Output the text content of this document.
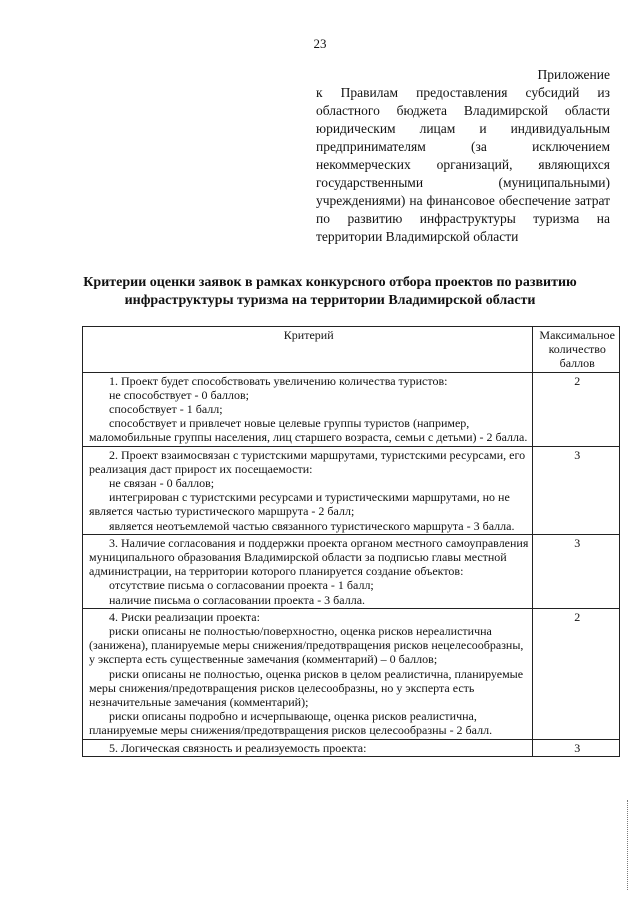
23
Приложение
к Правилам предоставления субсидий из областного бюджета Владимирской области юридическим лицам и индивидуальным предпринимателям (за исключением некоммерческих организаций, являющихся государственными (муниципальными) учреждениями) на финансовое обеспечение затрат по развитию инфраструктуры туризма на территории Владимирской области
Критерии оценки заявок в рамках конкурсного отбора проектов по развитию инфраструктуры туризма на территории Владимирской области
Критерий	Максимальное количество баллов

1. Проект будет способствовать увеличению количества туристов:

не способствует - 0 баллов;

способствует - 1 балл;

способствует и привлечет новые целевые группы туристов (например, маломобильные группы населения, лиц старшего возраста, семьи с детьми) - 2 балла.	2

2. Проект взаимосвязан с туристскими маршрутами, туристскими ресурсами, его реализация даст прирост их посещаемости:

не связан - 0 баллов;

интегрирован с туристскими ресурсами и туристическими маршрутами, но не является частью туристического маршрута - 2 балл;

является неотъемлемой частью связанного туристического маршрута - 3 балла.	3

3. Наличие согласования и поддержки проекта органом местного самоуправления муниципального образования Владимирской области за подписью главы местной администрации, на территории которого планируется создание объектов:

отсутствие письма о согласовании проекта - 1 балл;

наличие письма о согласовании проекта - 3 балла.	3

4. Риски реализации проекта:

риски описаны не полностью/поверхностно, оценка рисков нереалистична (занижена), планируемые меры снижения/предотвращения рисков нецелесообразны, у эксперта есть существенные замечания (комментарий) – 0 баллов;

риски описаны не полностью, оценка рисков в целом реалистична, планируемые меры снижения/предотвращения рисков целесообразны, но у эксперта есть незначительные замечания (комментарий);

риски описаны подробно и исчерпывающе, оценка рисков реалистична, планируемые меры снижения/предотвращения рисков целесообразны - 2 балл.	2

5. Логическая связность и реализуемость проекта:	3
